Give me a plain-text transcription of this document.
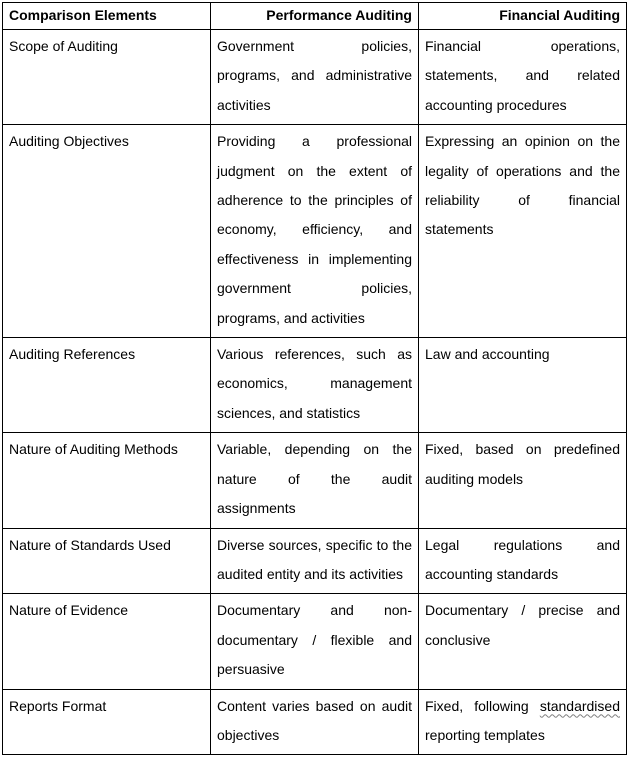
Comparison Elements	Performance Auditing	Financial Auditing
Scope of Auditing	Government policies, programs, and administrative activities	Financial operations, statements, and related accounting procedures
Auditing Objectives	Providing a professional judgment on the extent of adherence to the principles of economy, efficiency, and effectiveness in implementing government policies, programs, and activities	Expressing an opinion on the legality of operations and the reliability of financial statements
Auditing References	Various references, such as economics, management sciences, and statistics	Law and accounting
Nature of Auditing Methods	Variable, depending on the nature of the audit assignments	Fixed, based on predefined auditing models
Nature of Standards Used	Diverse sources, specific to the audited entity and its activities	Legal regulations and accounting standards
Nature of Evidence	Documentary and non-documentary / flexible and persuasive	Documentary / precise and conclusive
Reports Format	Content varies based on audit objectives	Fixed, following standardised reporting templates
